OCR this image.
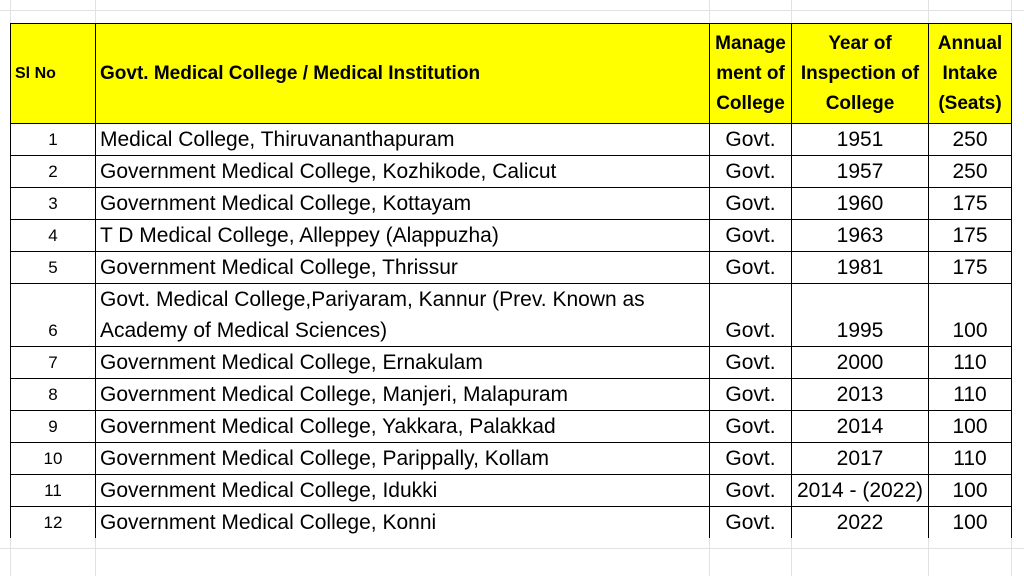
Sl No	Govt. Medical College / Medical Institution	Manage ment of College	Year of Inspection of College	Annual Intake (Seats)
1	Medical College, Thiruvananthapuram	Govt.	1951	250
2	Government Medical College, Kozhikode, Calicut	Govt.	1957	250
3	Government Medical College, Kottayam	Govt.	1960	175
4	T D Medical College, Alleppey (Alappuzha)	Govt.	1963	175
5	Government Medical College, Thrissur	Govt.	1981	175
6	Govt. Medical College,Pariyaram, Kannur (Prev. Known as Academy of Medical Sciences)	Govt.	1995	100
7	Government Medical College, Ernakulam	Govt.	2000	110
8	Government Medical College, Manjeri, Malapuram	Govt.	2013	110
9	Government Medical College, Yakkara, Palakkad	Govt.	2014	100
10	Government Medical College, Parippally, Kollam	Govt.	2017	110
11	Government Medical College, Idukki	Govt.	2014 - (2022)	100
12	Government Medical College, Konni	Govt.	2022	100
